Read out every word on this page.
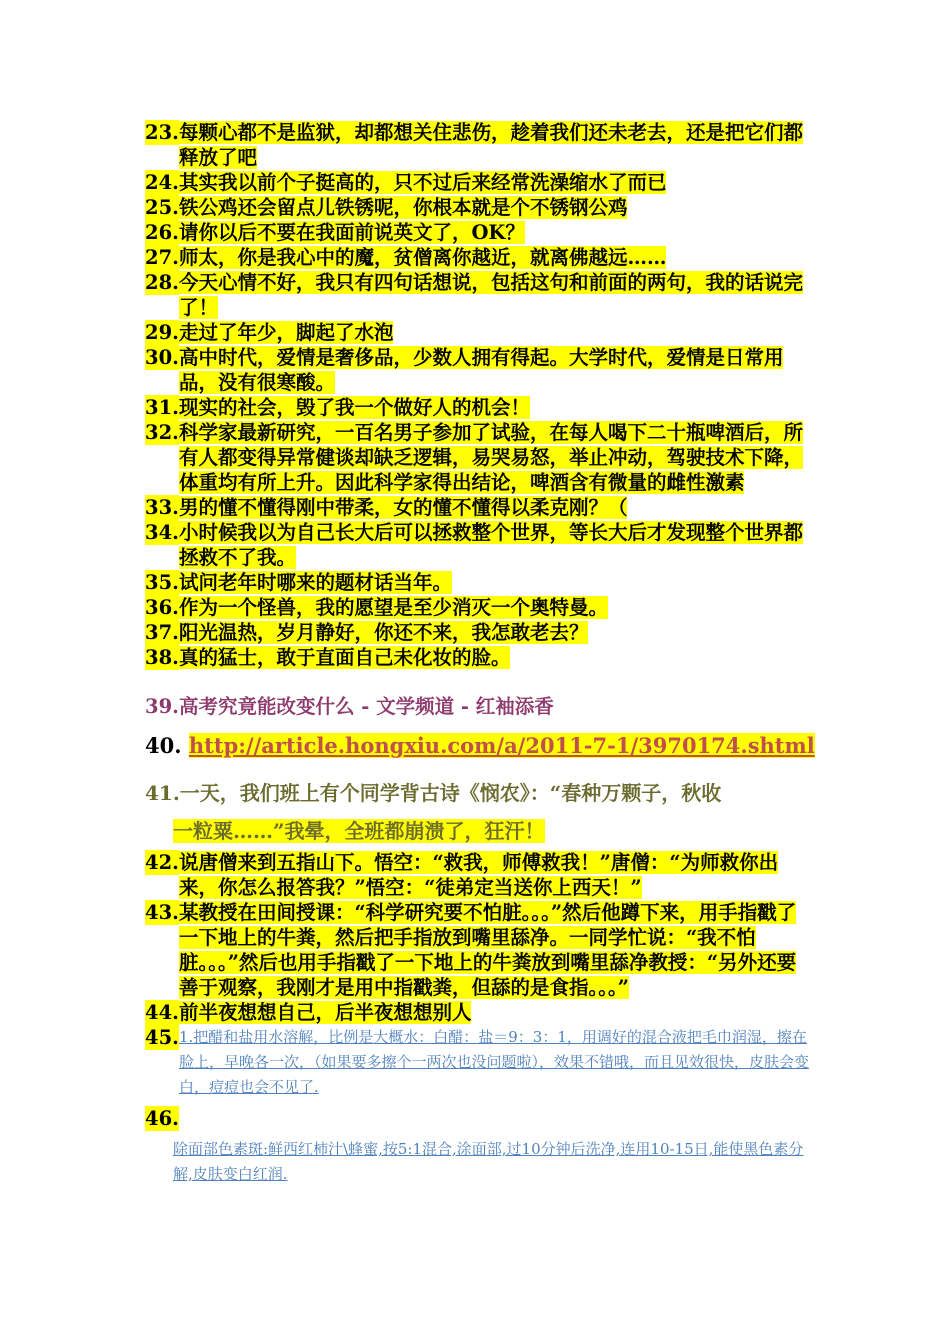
23. 每颗心都不是监狱，却都想关住悲伤，趁着我们还未老去，还是把它们都释放了吧
24. 其实我以前个子挺高的，只不过后来经常洗澡缩水了而已
25. 铁公鸡还会留点儿铁锈呢，你根本就是个不锈钢公鸡
26. 请你以后不要在我面前说英文了，OK？
27. 师太，你是我心中的魔，贫僧离你越近，就离佛越远……
28. 今天心情不好，我只有四句话想说，包括这句和前面的两句，我的话说完了！
29. 走过了年少，脚起了水泡
30. 高中时代，爱情是奢侈品，少数人拥有得起。大学时代，爱情是日常用品，没有很寒酸。
31. 现实的社会，毁了我一个做好人的机会！
32. 科学家最新研究，一百名男子参加了试验，在每人喝下二十瓶啤酒后，所有人都变得异常健谈却缺乏逻辑，易哭易怒，举止冲动，驾驶技术下降，体重均有所上升。因此科学家得出结论，啤酒含有微量的雌性激素
33. 男的懂不懂得刚中带柔，女的懂不懂得以柔克刚？（
34. 小时候我以为自己长大后可以拯救整个世界，等长大后才发现整个世界都拯救不了我。
35. 试问老年时哪来的题材话当年。
36. 作为一个怪兽，我的愿望是至少消灭一个奥特曼。
37. 阳光温热，岁月静好，你还不来，我怎敢老去？
38. 真的猛士，敢于直面自己未化妆的脸。
39.高考究竟能改变什么 - 文学频道 - 红袖添香
40. http://article.hongxiu.com/a/2011-7-1/3970174.shtml
41. 一天，我们班上有个同学背古诗《悯农》：“春种万颗子，秋收
一粒粟……”我晕，全班都崩溃了，狂汗！
42. 说唐僧来到五指山下。悟空：“救我，师傅救我！”唐僧：“为师救你出来，你怎么报答我？”悟空：“徒弟定当送你上西天！”
43. 某教授在田间授课：“科学研究要不怕脏。。。”然后他蹲下来，用手指戳了一下地上的牛粪，然后把手指放到嘴里舔净。一同学忙说：“我不怕脏。。。”然后也用手指戳了一下地上的牛粪放到嘴里舔净教授：“另外还要善于观察，我刚才是用中指戳粪，但舔的是食指。。。”
44. 前半夜想想自己，后半夜想想别人
45. 1.把醋和盐用水溶解，比例是大概水：白醋：盐＝9：3：1，用调好的混合液把毛巾润湿，擦在脸上，早晚各一次，（如果要多擦个一两次也没问题啦），效果不错哦，而且见效很快，皮肤会变白，痘痘也会不见了.
46.
除面部色素斑:鲜西红柿汁\蜂蜜,按5:1混合,涂面部,过10分钟后洗净,连用10-15日,能使黑色素分解,皮肤变白红润.
